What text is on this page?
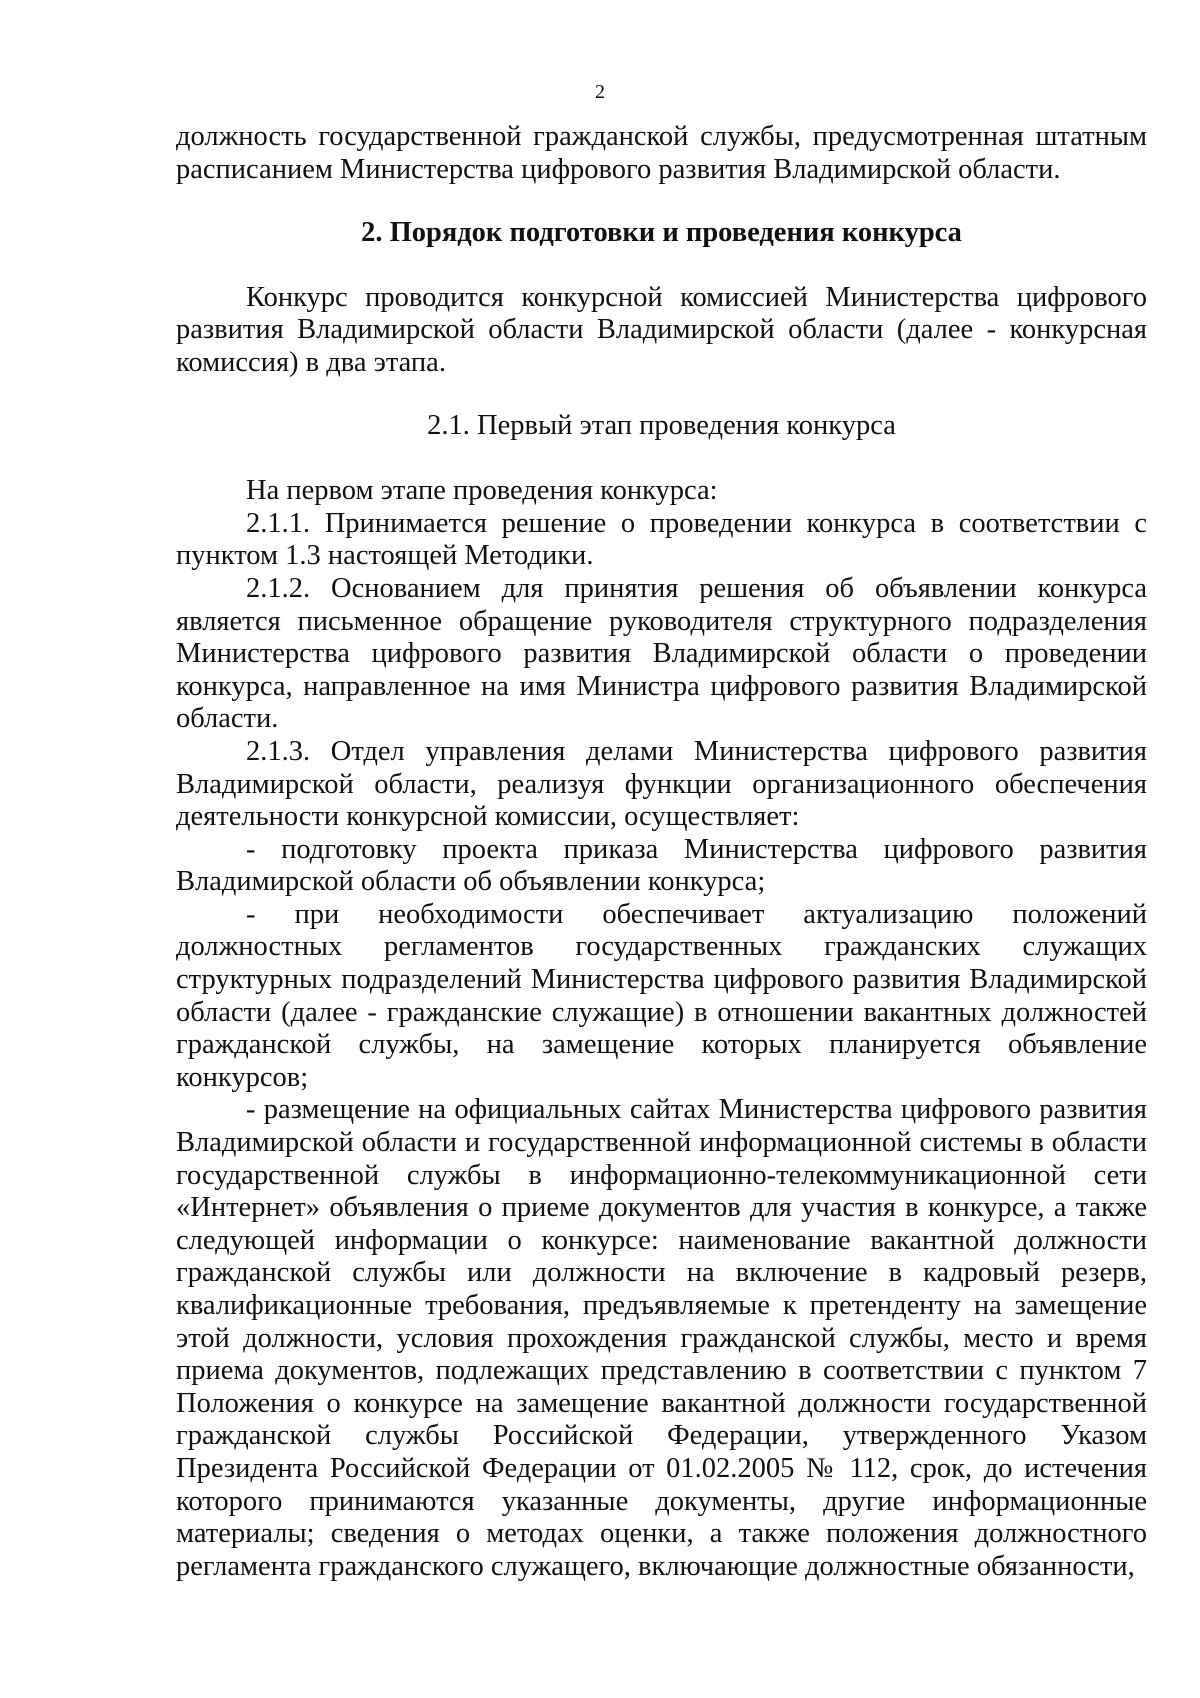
2

должность государственной гражданской службы, предусмотренная штатным расписанием Министерства цифрового развития Владимирской области.

2. Порядок подготовки и проведения конкурса

Конкурс проводится конкурсной комиссией Министерства цифрового развития Владимирской области Владимирской области (далее - конкурсная комиссия) в два этапа.

2.1. Первый этап проведения конкурса

На первом этапе проведения конкурса:

2.1.1. Принимается решение о проведении конкурса в соответствии с пунктом 1.3 настоящей Методики.

2.1.2. Основанием для принятия решения об объявлении конкурса является письменное обращение руководителя структурного подразделения Министерства цифрового развития Владимирской области о проведении конкурса, направленное на имя Министра цифрового развития Владимирской области.

2.1.3. Отдел управления делами Министерства цифрового развития Владимирской области, реализуя функции организационного обеспечения деятельности конкурсной комиссии, осуществляет:

- подготовку проекта приказа Министерства цифрового развития Владимирской области об объявлении конкурса;

- при необходимости обеспечивает актуализацию положений должностных регламентов государственных гражданских служащих структурных подразделений Министерства цифрового развития Владимирской области (далее - гражданские служащие) в отношении вакантных должностей гражданской службы, на замещение которых планируется объявление конкурсов;

- размещение на официальных сайтах Министерства цифрового развития Владимирской области и государственной информационной системы в области государственной службы в информационно-телекоммуникационной сети «Интернет» объявления о приеме документов для участия в конкурсе, а также следующей информации о конкурсе: наименование вакантной должности гражданской службы или должности на включение в кадровый резерв, квалификационные требования, предъявляемые к претенденту на замещение этой должности, условия прохождения гражданской службы, место и время приема документов, подлежащих представлению в соответствии с пунктом 7 Положения о конкурсе на замещение вакантной должности государственной гражданской службы Российской Федерации, утвержденного Указом Президента Российской Федерации от 01.02.2005 № 112, срок, до истечения которого принимаются указанные документы, другие информационные материалы; сведения о методах оценки, а также положения должностного регламента гражданского служащего, включающие должностные обязанности,
